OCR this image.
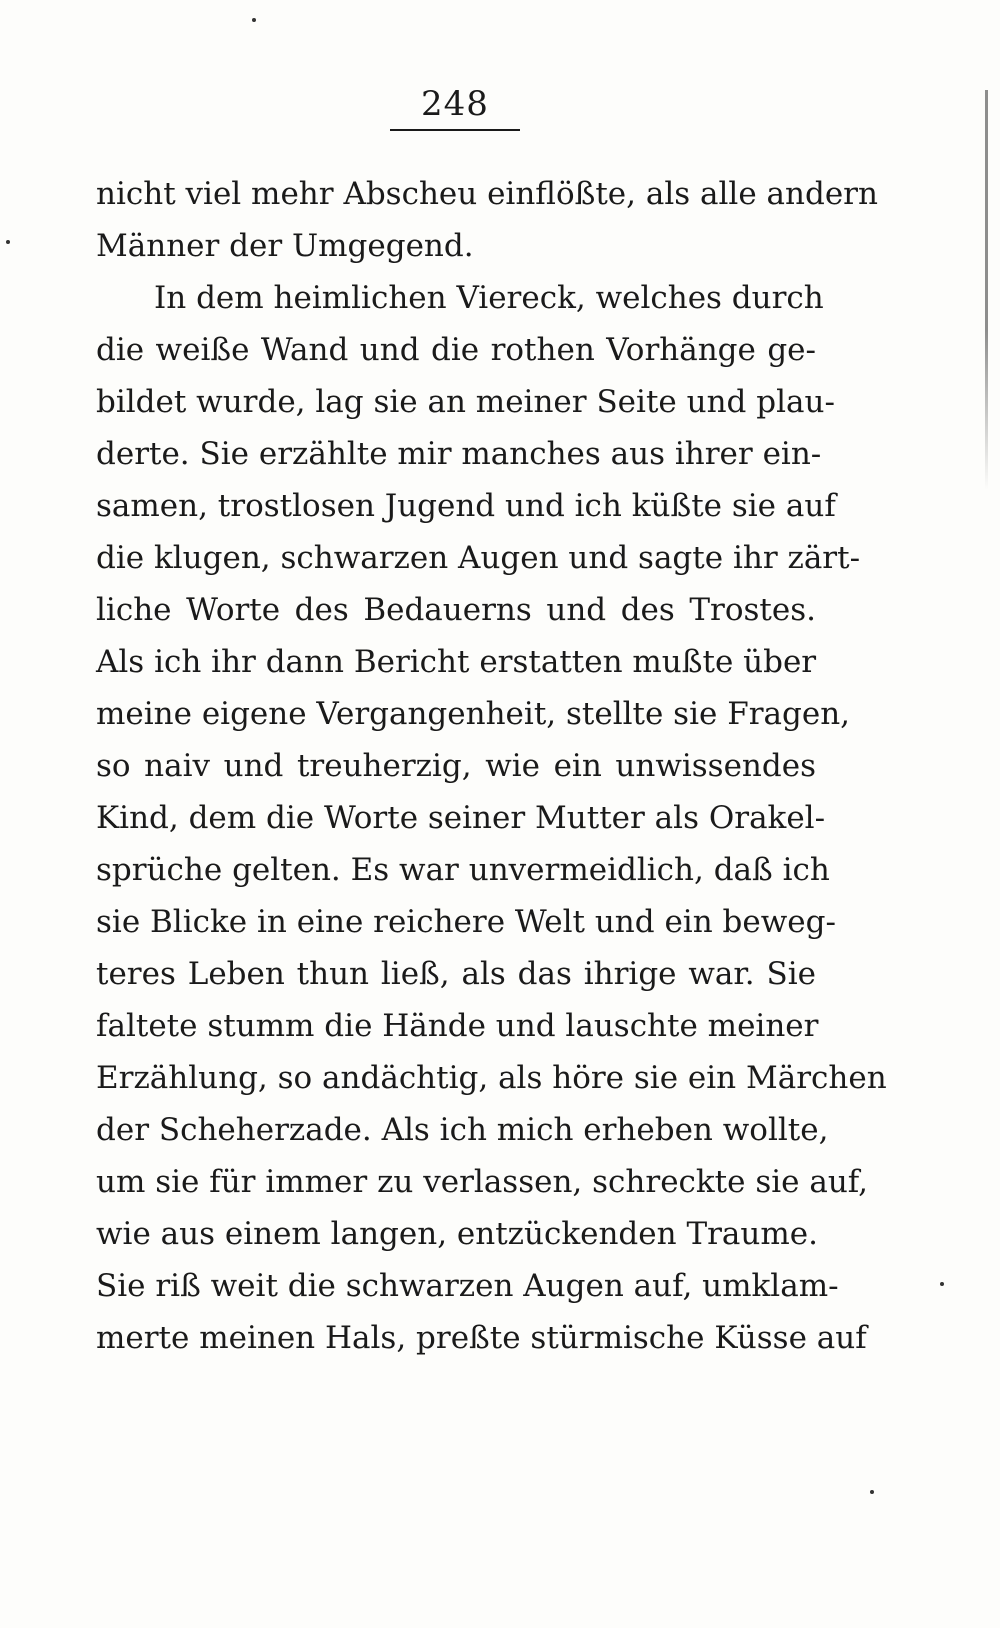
248
nicht viel mehr Abscheu einflößte, als alle andern
Männer der Umgegend.
In dem heimlichen Viereck, welches durch
die weiße Wand und die rothen Vorhänge ge-
bildet wurde, lag sie an meiner Seite und plau-
derte. Sie erzählte mir manches aus ihrer ein-
samen, trostlosen Jugend und ich küßte sie auf
die klugen, schwarzen Augen und sagte ihr zärt-
liche Worte des Bedauerns und des Trostes.
Als ich ihr dann Bericht erstatten mußte über
meine eigene Vergangenheit, stellte sie Fragen,
so naiv und treuherzig, wie ein unwissendes
Kind, dem die Worte seiner Mutter als Orakel-
sprüche gelten. Es war unvermeidlich, daß ich
sie Blicke in eine reichere Welt und ein beweg-
teres Leben thun ließ, als das ihrige war. Sie
faltete stumm die Hände und lauschte meiner
Erzählung, so andächtig, als höre sie ein Märchen
der Scheherzade. Als ich mich erheben wollte,
um sie für immer zu verlassen, schreckte sie auf,
wie aus einem langen, entzückenden Traume.
Sie riß weit die schwarzen Augen auf, umklam-
merte meinen Hals, preßte stürmische Küsse auf
